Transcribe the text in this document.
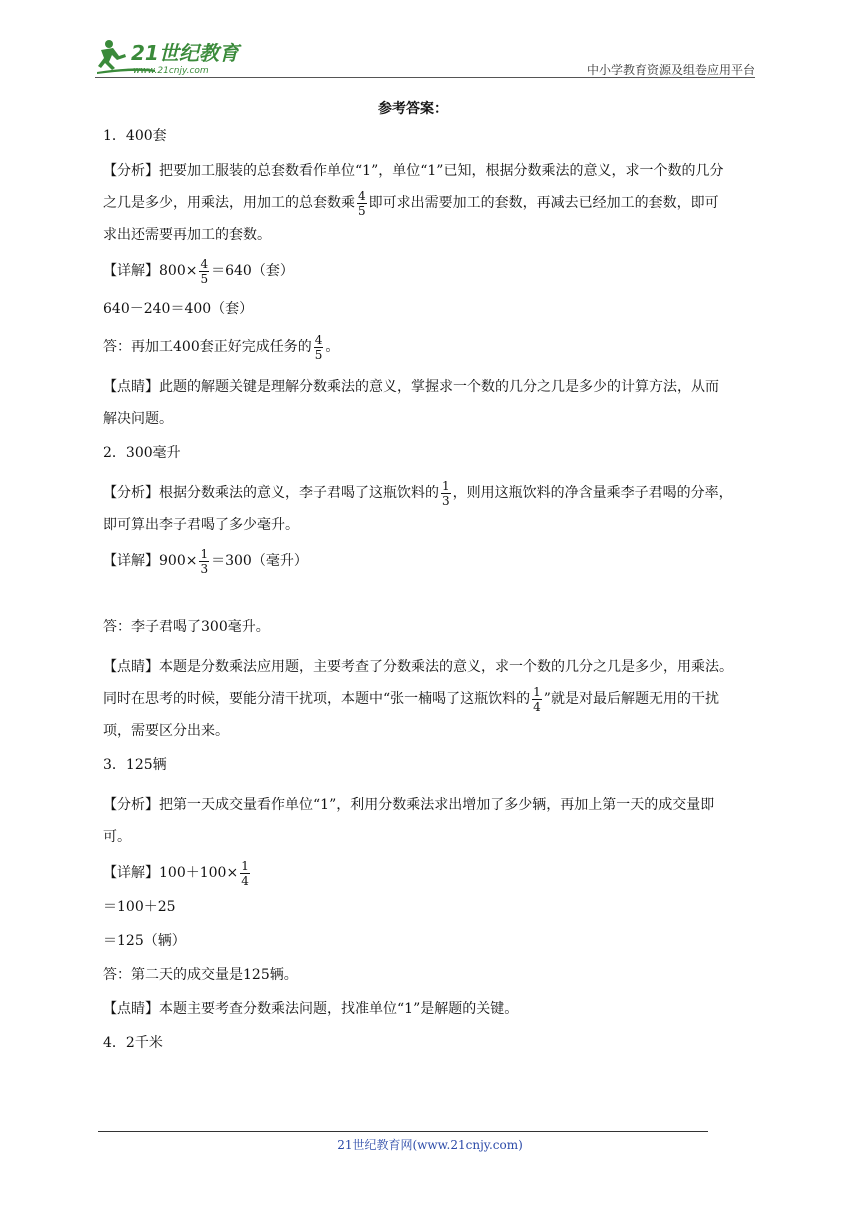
21世纪教育
www.21cnjy.com	中小学教育资源及组卷应用平台
参考答案：

1．400套

【分析】把要加工服装的总套数看作单位“1”，单位“1”已知，根据分数乘法的意义，求一个数的几分

之几是多少，用乘法，用加工的总套数乘 $\frac{4}{5}$ 即可求出需要加工的套数，再减去已经加工的套数，即可

求出还需要再加工的套数。

【详解】$800\times \frac{4}{5} =640$（套）

640－240＝400（套）

答：再加工400套正好完成任务的 $\frac{4}{5}$ 。

【点睛】此题的解题关键是理解分数乘法的意义，掌握求一个数的几分之几是多少的计算方法，从而

解决问题。

2．300毫升

【分析】根据分数乘法的意义，李子君喝了这瓶饮料的 $\frac{1}{3}$ ，则用这瓶饮料的净含量乘李子君喝的分率，

即可算出李子君喝了多少毫升。

【详解】$900\times \frac{1}{3} =300$（毫升）

答：李子君喝了300毫升。

【点睛】本题是分数乘法应用题，主要考查了分数乘法的意义，求一个数的几分之几是多少，用乘法。

同时在思考的时候，要能分清干扰项，本题中“张一楠喝了这瓶饮料的 $\frac{1}{4}$ ”就是对最后解题无用的干扰

项，需要区分出来。

3．125辆

【分析】把第一天成交量看作单位“1”，利用分数乘法求出增加了多少辆，再加上第一天的成交量即

可。

【详解】$100+100\times \frac{1}{4}$

＝100＋25

＝125（辆）

答：第二天的成交量是125辆。

【点睛】本题主要考查分数乘法问题，找准单位“1”是解题的关键。

4．2千米

21世纪教育网(www.21cnjy.com)
